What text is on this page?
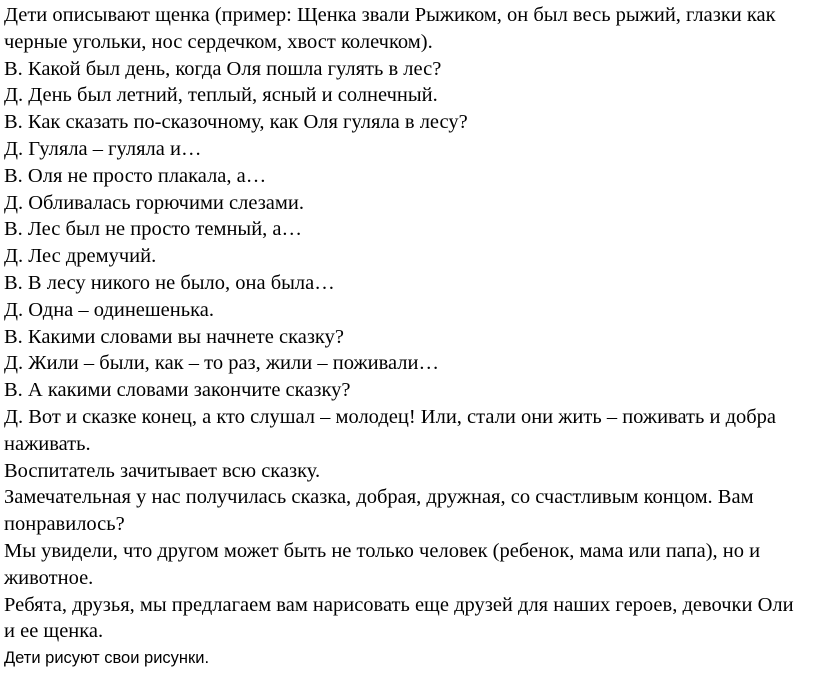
Дети описывают щенка (пример: Щенка звали Рыжиком, он был весь рыжий, глазки как

черные угольки, нос сердечком, хвост колечком).

В. Какой был день, когда Оля пошла гулять в лес?

Д. День был летний, теплый, ясный и солнечный.

В. Как сказать по-сказочному, как Оля гуляла в лесу?

Д. Гуляла – гуляла и…

В. Оля не просто плакала, а…

Д. Обливалась горючими слезами.

В. Лес был не просто темный, а…

Д. Лес дремучий.

В. В лесу никого не было, она была…

Д. Одна – одинешенька.

В. Какими словами вы начнете сказку?

Д. Жили – были, как – то раз, жили – поживали…

В. А какими словами закончите сказку?

Д. Вот и сказке конец, а кто слушал – молодец! Или, стали они жить – поживать и добра

наживать.

Воспитатель зачитывает всю сказку.

Замечательная у нас получилась сказка, добрая, дружная, со счастливым концом. Вам

понравилось?

Мы увидели, что другом может быть не только человек (ребенок, мама или папа), но и

животное.

Ребята, друзья, мы предлагаем вам нарисовать еще друзей для наших героев, девочки Оли

и ее щенка.

Дети рисуют свои рисунки.
